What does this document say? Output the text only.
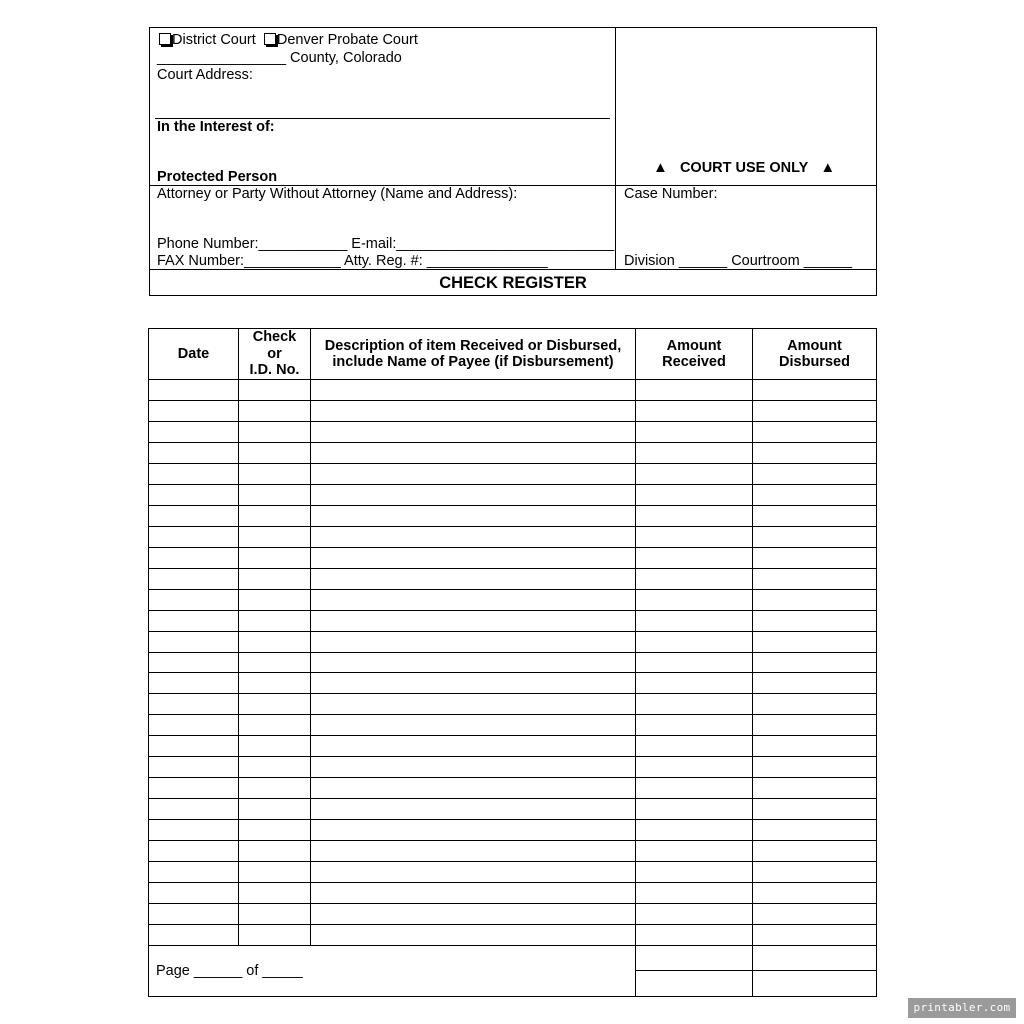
District Court Denver Probate Court
________________ County, Colorado
Court Address:
In the Interest of:
Protected Person
▲ COURT USE ONLY ▲
Attorney or Party Without Attorney (Name and Address):
Phone Number:___________ E-mail:___________________________
FAX Number:____________ Atty. Reg. #: _______________
Case Number:
Division ______ Courtroom ______
CHECK REGISTER
Date
Check
or
I.D. No.
Description of item Received or Disbursed,
include Name of Payee (if Disbursement)
Amount
Received
Amount
Disbursed
Page ______ of _____
printabler.com
